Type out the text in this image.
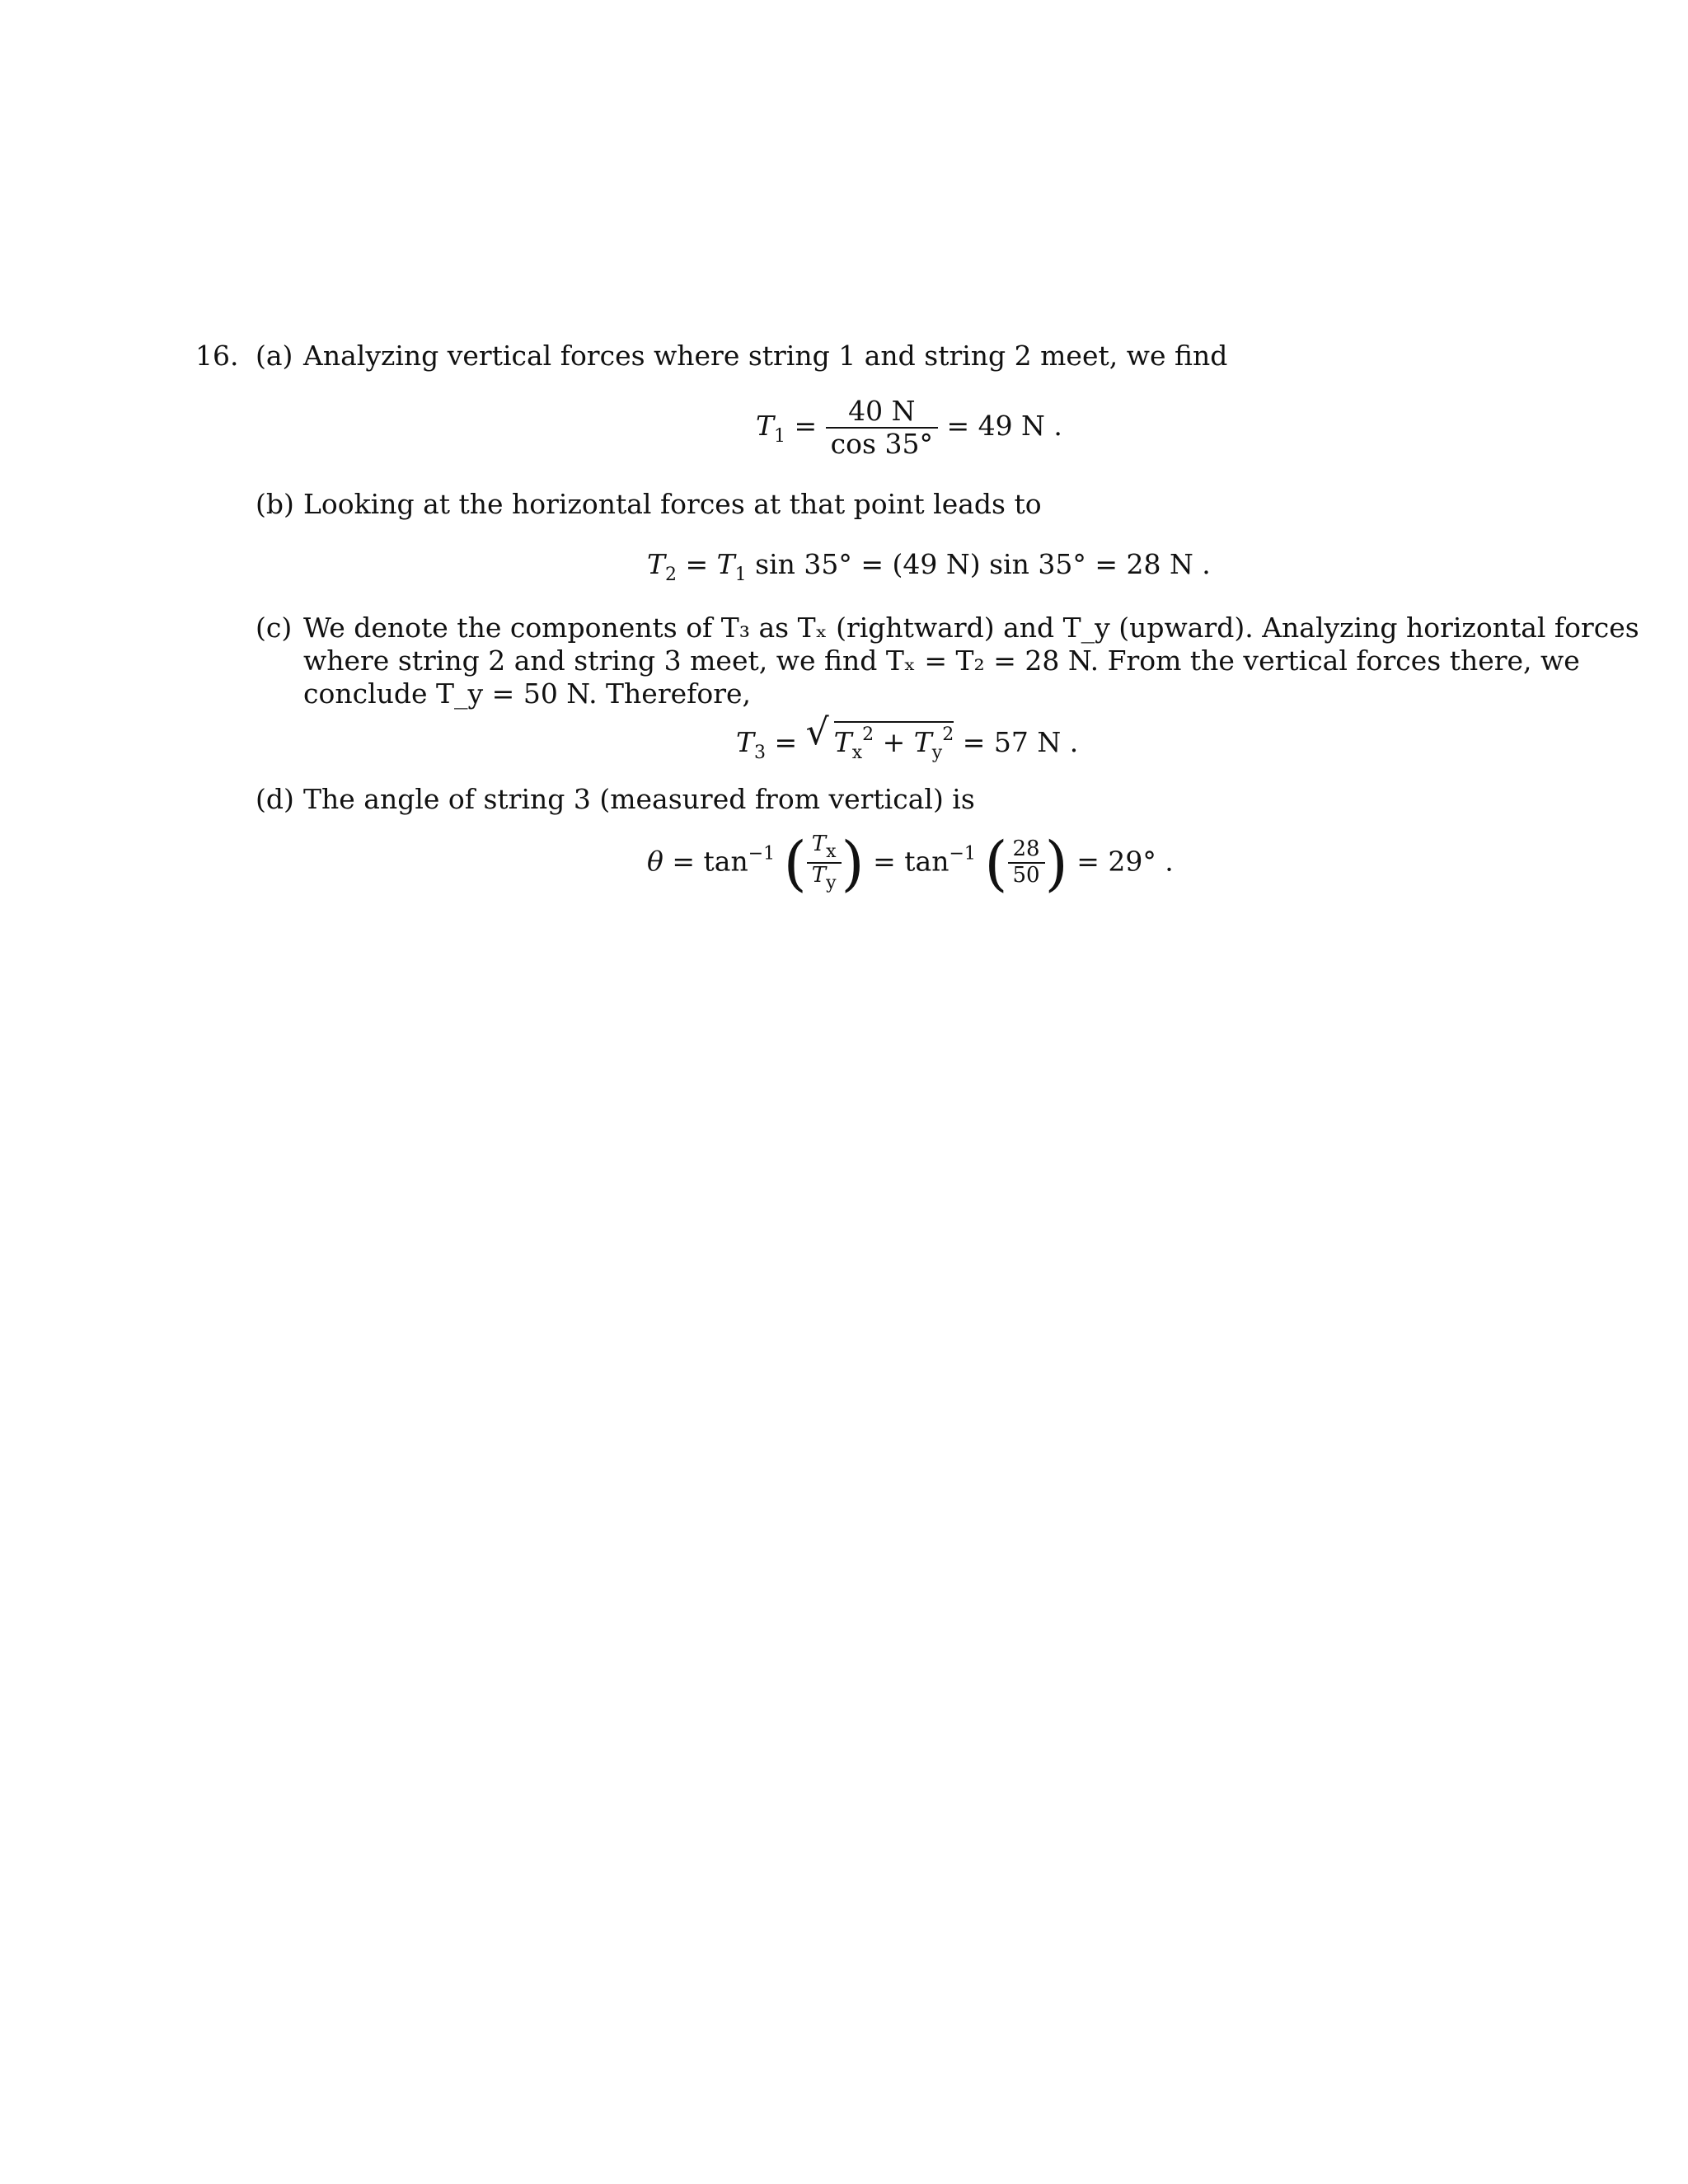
16. (a) Analyzing vertical forces where string 1 and string 2 meet, we find
$T_1 = \frac{40 N}{\cos 35^\circ} = 49$ N .
(b) Looking at the horizontal forces at that point leads to
$T_2 = T_1$ sin 35° = (49 N) sin 35° = 28 N .
(c) We denote the components of T₃ as Tₓ (rightward) and T_y (upward). Analyzing horizontal forces
where string 2 and string 3 meet, we find Tₓ = T₂ = 28 N. From the vertical forces there, we
conclude T_y = 50 N. Therefore,
$T_3$ = √ $T_x^2 + T_y^2 = 57$ N .
(d) The angle of string 3 (measured from vertical) is
$\theta = \tan^{-1}$ ( $\frac{T_x}{T_y}$ ) = $\tan^{-1}$ ( $\frac{28}{50}$ ) = 29° .
